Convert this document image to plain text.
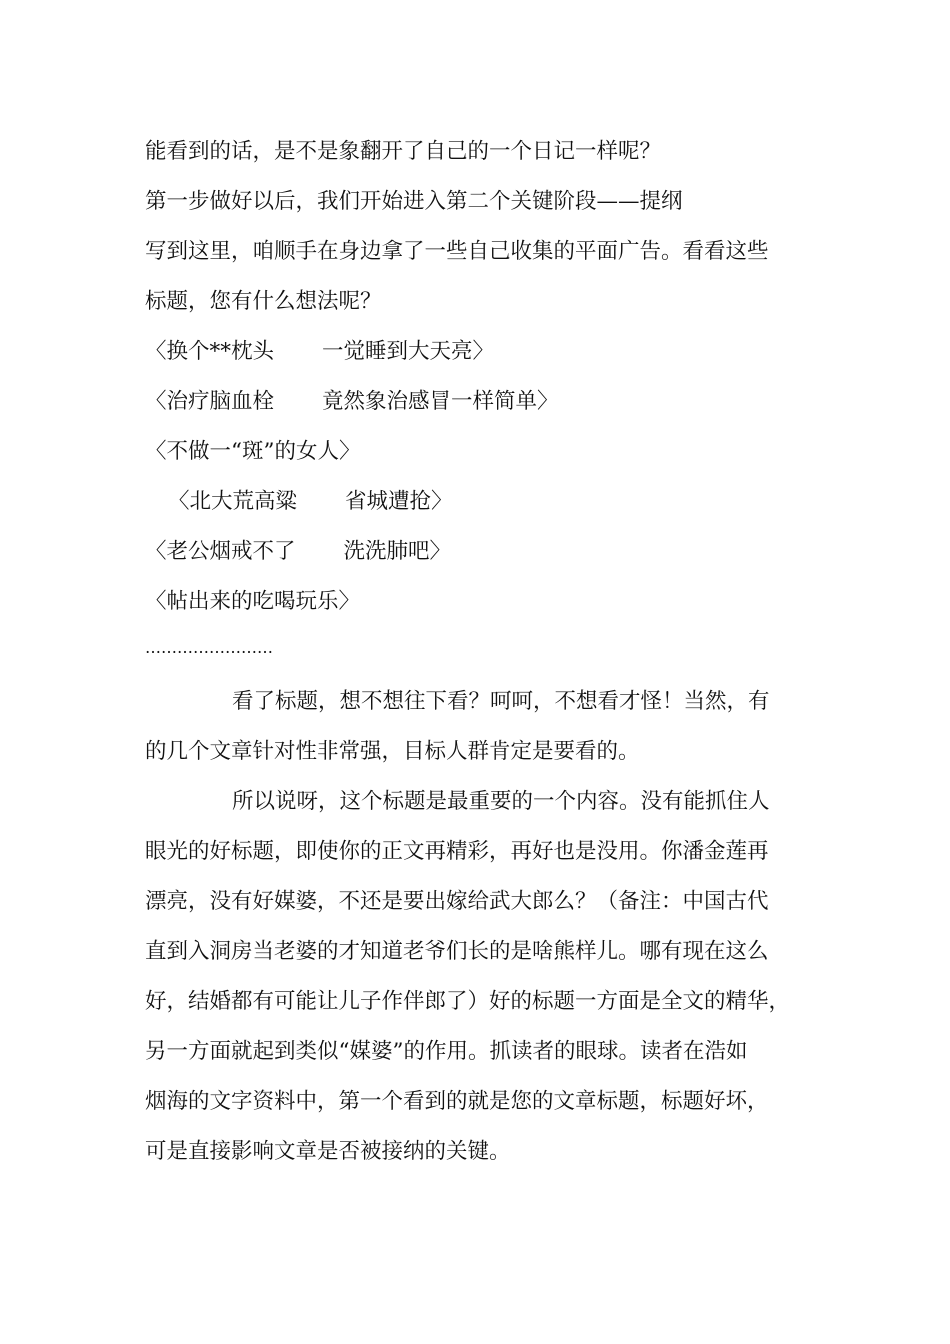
能看到的话，是不是象翻开了自己的一个日记一样呢？
第一步做好以后，我们开始进入第二个关键阶段——提纲
写到这里，咱顺手在身边拿了一些自己收集的平面广告。看看这些
标题，您有什么想法呢？
〈换个**枕头 一觉睡到大天亮〉
〈治疗脑血栓 竟然象治感冒一样简单〉
〈不做一“斑”的女人〉
〈北大荒高粱 省城遭抢〉
〈老公烟戒不了 洗洗肺吧〉
〈帖出来的吃喝玩乐〉
……………………
看了标题，想不想往下看？呵呵，不想看才怪！当然，有
的几个文章针对性非常强，目标人群肯定是要看的。
所以说呀，这个标题是最重要的一个内容。没有能抓住人
眼光的好标题，即使你的正文再精彩，再好也是没用。你潘金莲再
漂亮，没有好媒婆，不还是要出嫁给武大郎么？（备注：中国古代
直到入洞房当老婆的才知道老爷们长的是啥熊样儿。哪有现在这么
好，结婚都有可能让儿子作伴郎了）好的标题一方面是全文的精华，
另一方面就起到类似“媒婆”的作用。抓读者的眼球。读者在浩如
烟海的文字资料中，第一个看到的就是您的文章标题，标题好坏，
可是直接影响文章是否被接纳的关键。
